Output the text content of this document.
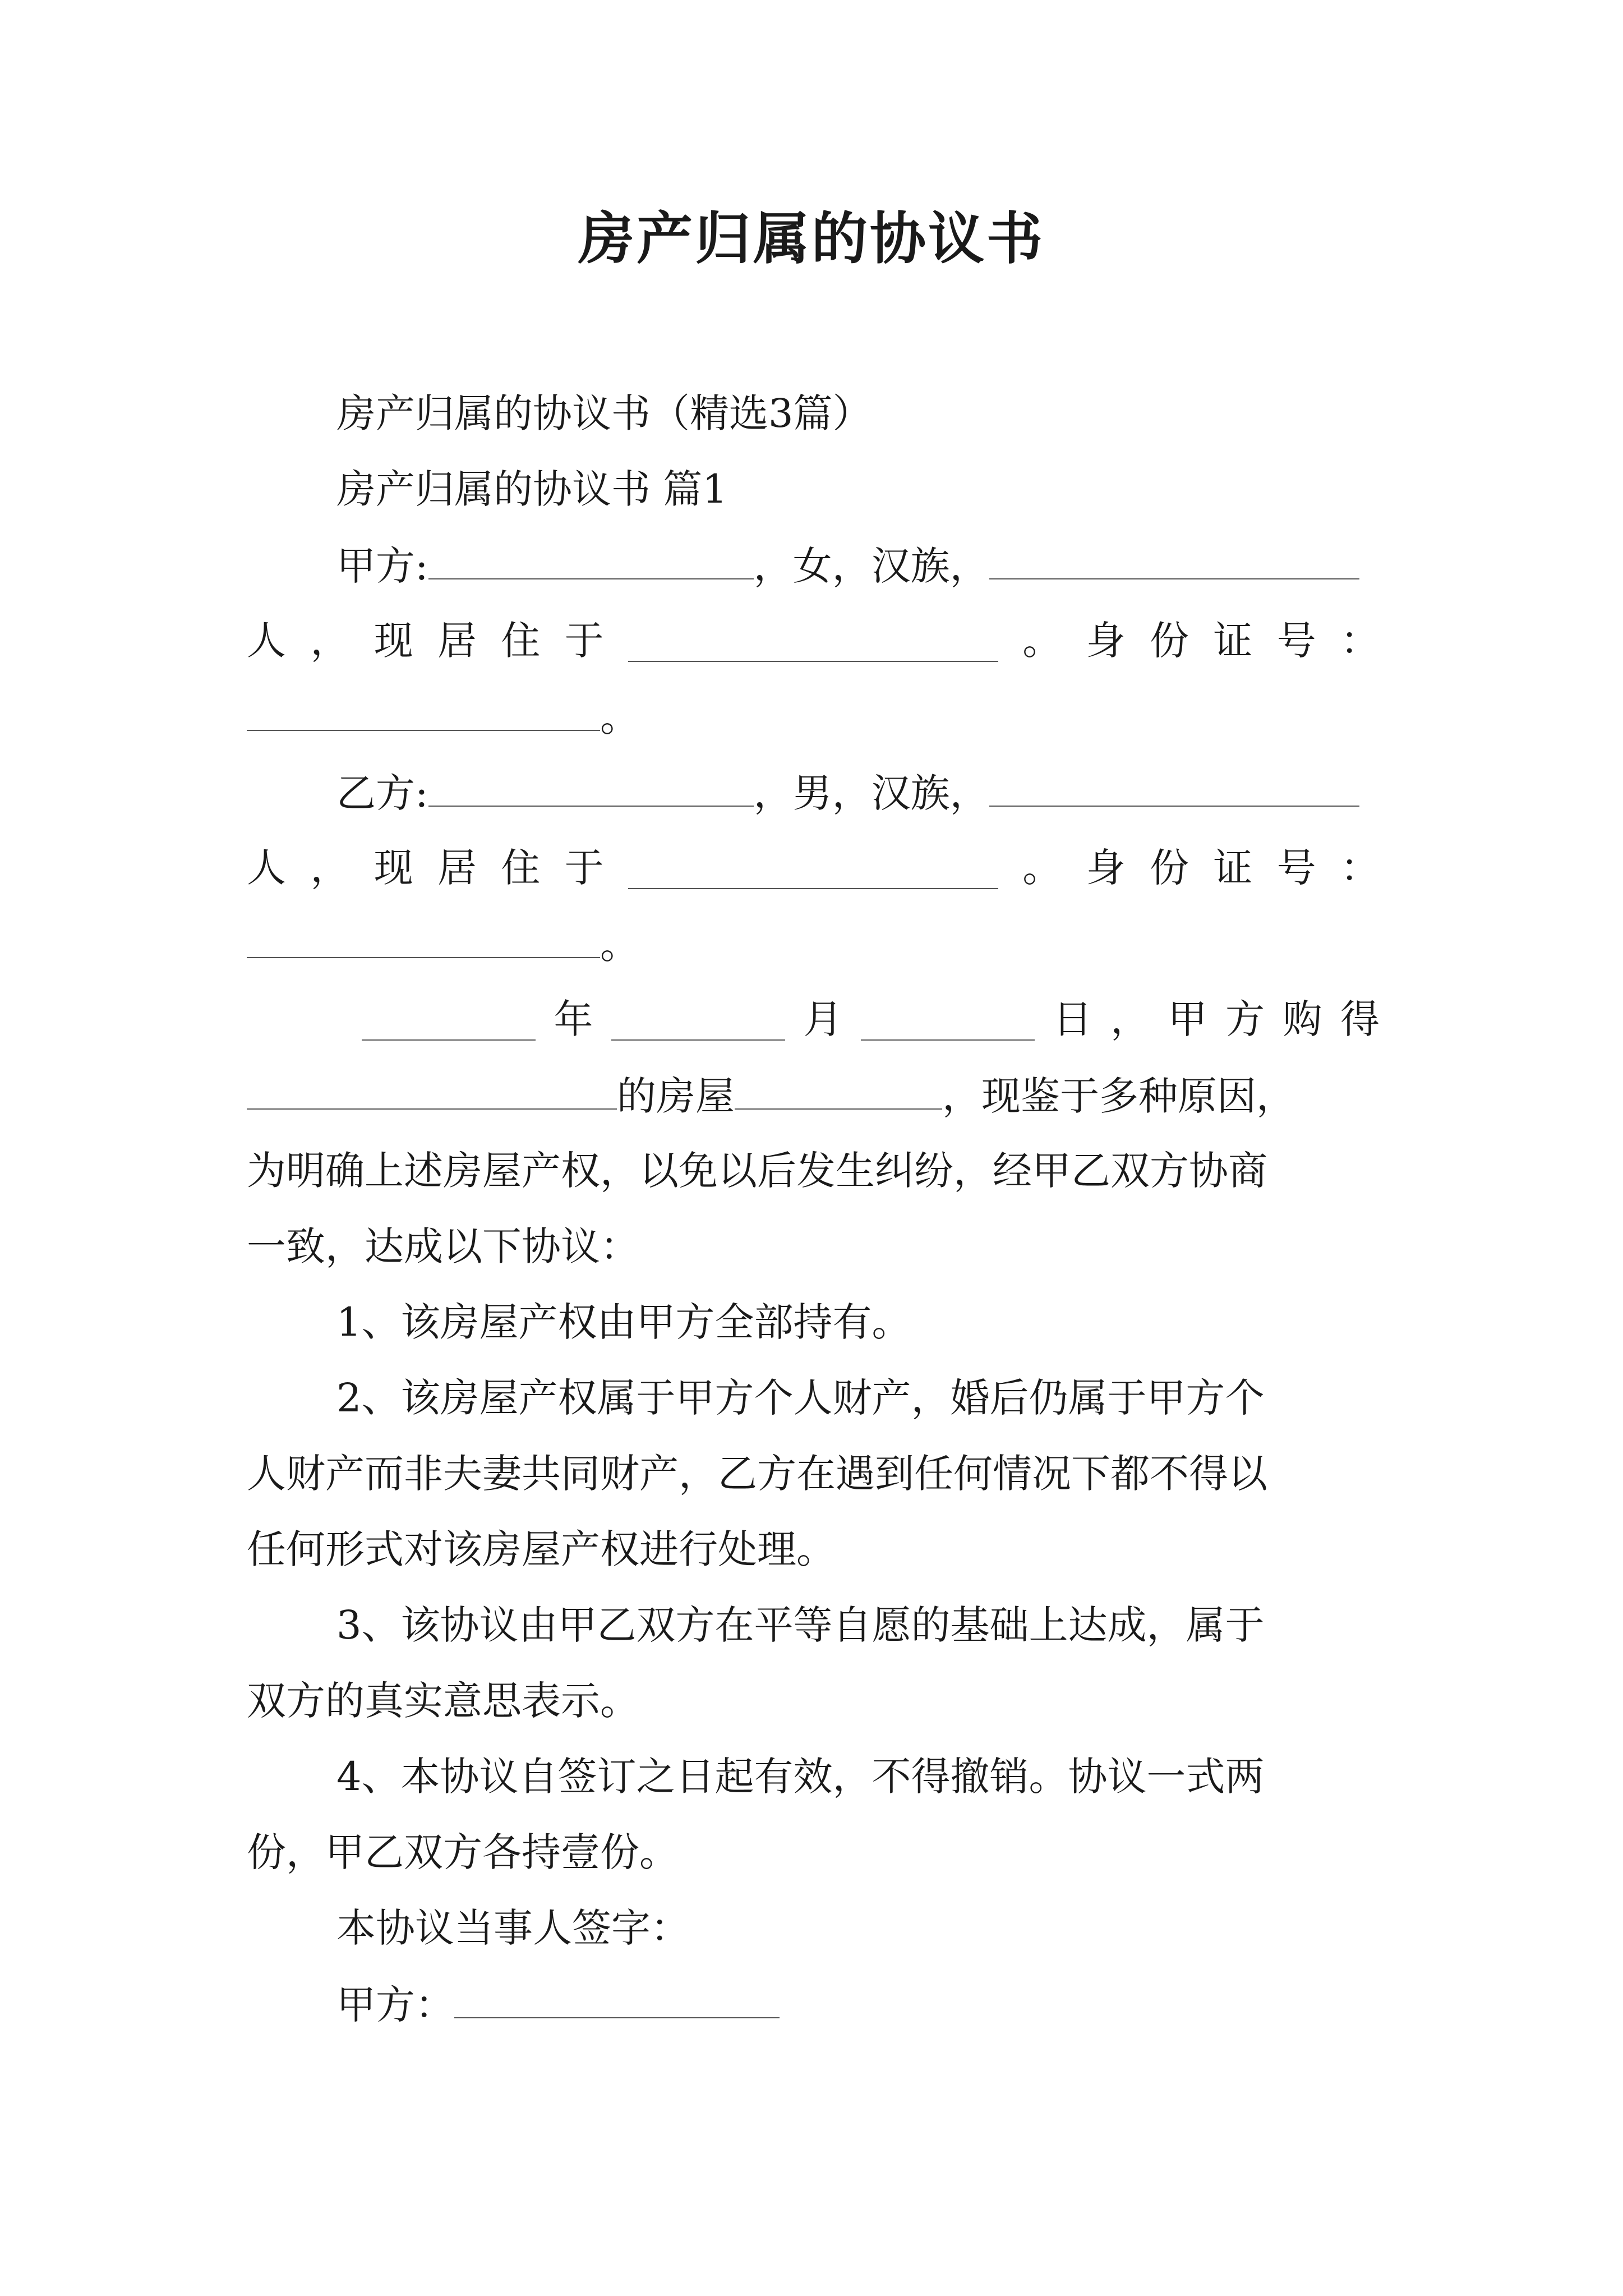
房产归属的协议书

房产归属的协议书（精选3篇）

房产归属的协议书 篇1

甲方:	，女，汉族，
人 ， 现 居 住 于	。 身 份 证 号 ：
。
乙方:	，男，汉族，
人 ， 现 居 住 于	。 身 份 证 号 ：
。
年	月	日 ， 甲 方 购 得
的房屋	，现鉴于多种原因，

为明确上述房屋产权，以免以后发生纠纷，经甲乙双方协商

一致，达成以下协议：

1、该房屋产权由甲方全部持有。

2、该房屋产权属于甲方个人财产，婚后仍属于甲方个

人财产而非夫妻共同财产，乙方在遇到任何情况下都不得以

任何形式对该房屋产权进行处理。

3、该协议由甲乙双方在平等自愿的基础上达成，属于

双方的真实意思表示。

4、本协议自签订之日起有效，不得撤销。协议一式两

份，甲乙双方各持壹份。

本协议当事人签字：

甲方：
